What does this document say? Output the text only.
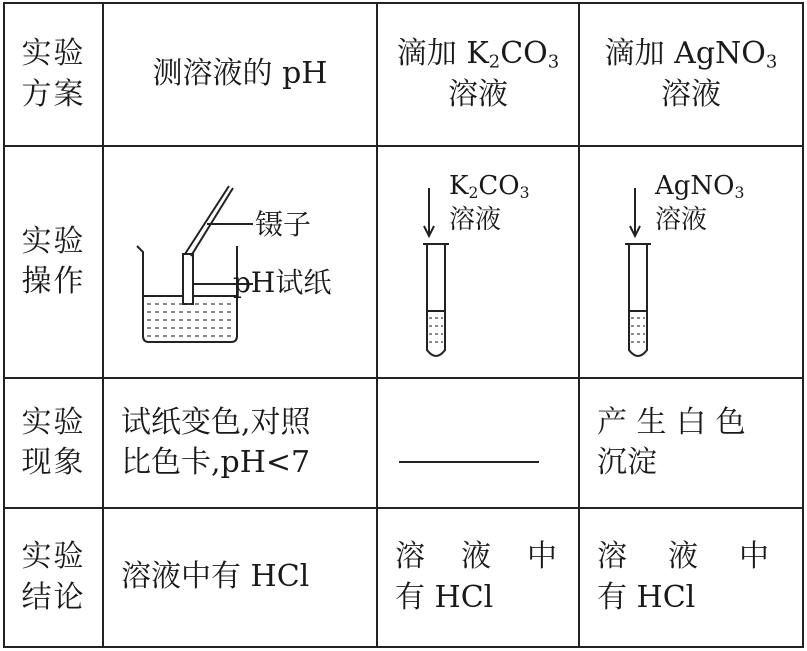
实验
方案
实验
操作
实验
现象
实验
结论
测溶液的 pH
滴加 $K_2CO_3$
溶液
滴加 AgNO$_3$
溶液
镊子
pH试纸
$K_2CO_3$
溶液
AgNO$_3$
溶液
试纸变色,对照
比色卡,pH<7
产 生 白 色
沉淀
溶液中有 HCl
溶 液 中
有 HCl
溶 液 中
有 HCl
